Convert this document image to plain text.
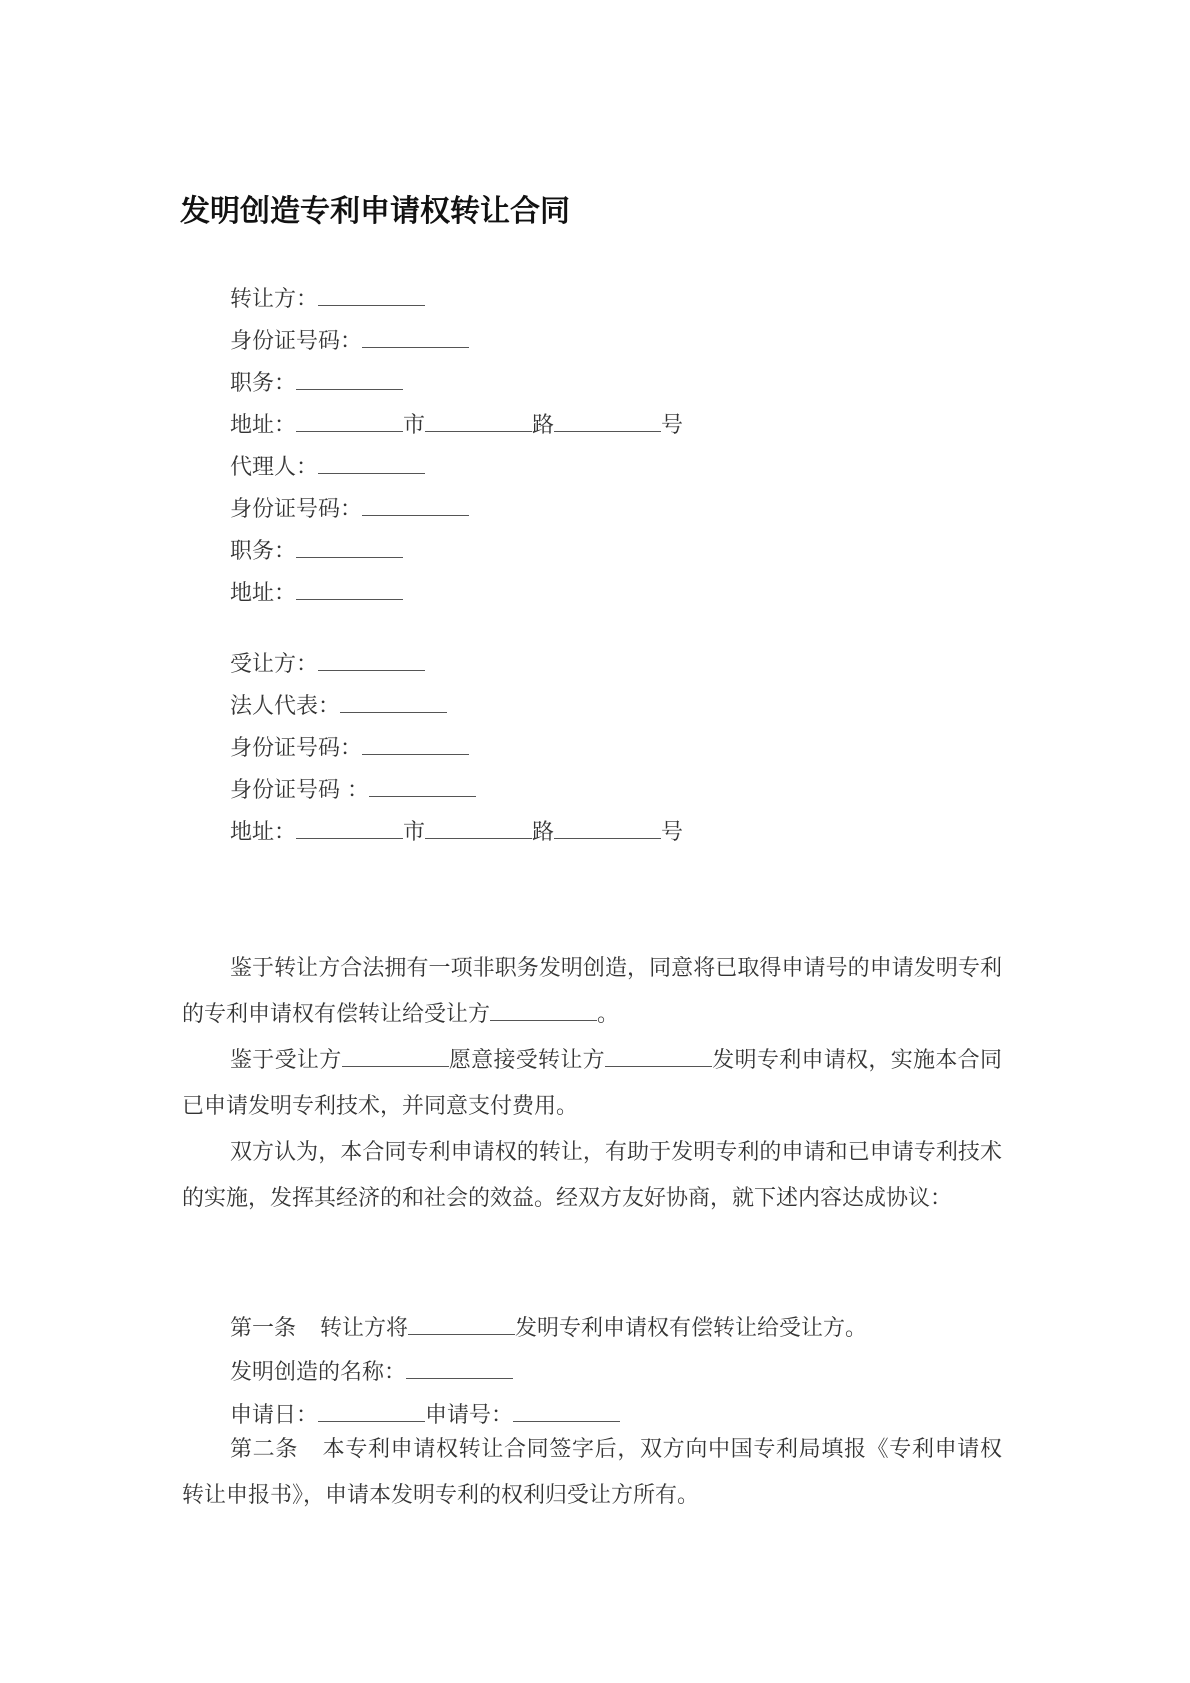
发明创造专利申请权转让合同
转让方：
身份证号码：
职务：
地址：	市	路	号
代理人：
身份证号码：
职务：
地址：
受让方：
法人代表：
身份证号码：
身份证号码 ：
地址：	市	路	号

鉴于转让方合法拥有一项非职务发明创造，同意将已取得申请号的申请发明专利的专利申请权有偿转让给受让方	。

鉴于受让方	愿意接受转让方	发明专利申请权，实施本合同已申请发明专利技术，并同意支付费用。

双方认为，本合同专利申请权的转让，有助于发明专利的申请和已申请专利技术的实施，发挥其经济的和社会的效益。经双方友好协商，就下述内容达成协议：

第一条 转让方将	发明专利申请权有偿转让给受让方。
发明创造的名称：
申请日：	申请号：

第二条 本专利申请权转让合同签字后，双方向中国专利局填报《专利申请权转让申报书》，申请本发明专利的权利归受让方所有。
